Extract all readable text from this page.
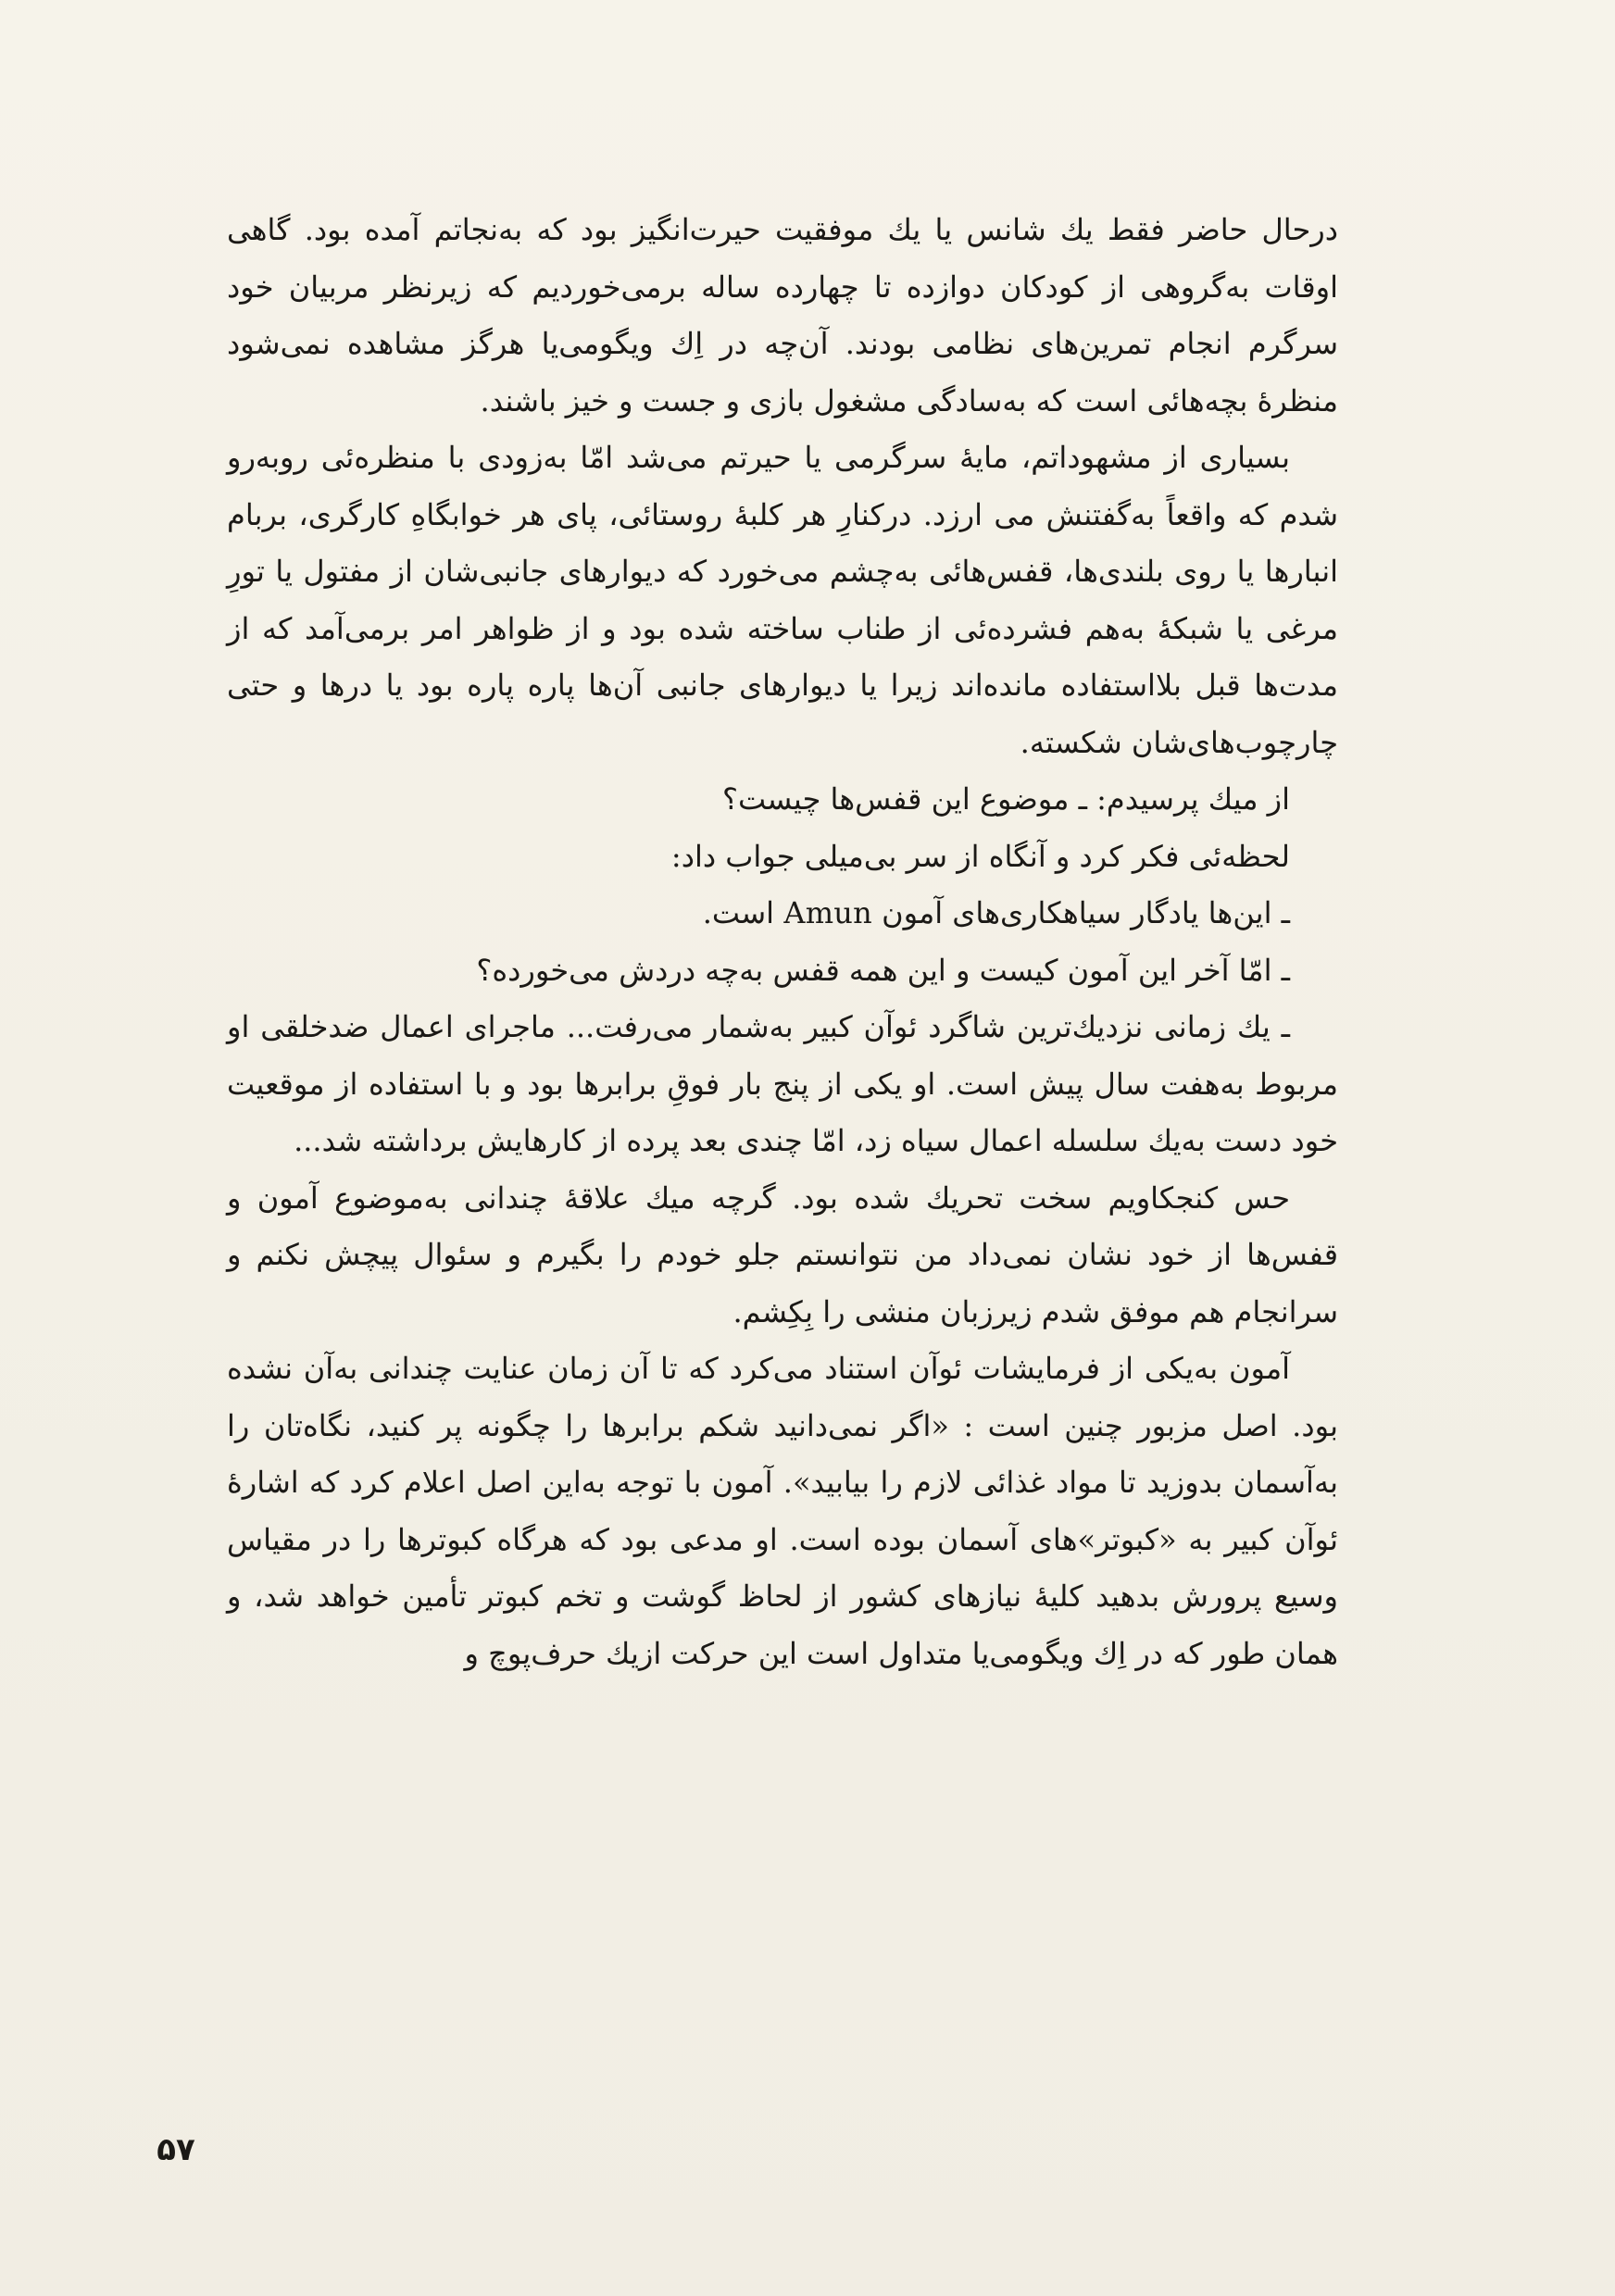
درحال حاضر فقط يك شانس يا يك موفقيت حيرت‌انگيز بود كه به‌نجاتم آمده بود. گاهى اوقات به‌گروهى از كودكان دوازده تا چهارده ساله برمى‌خورديم كه زيرنظر مربيان خود سرگرم انجام تمرين‌هاى نظامى بودند. آن‌چه در اِك ويگومى‌يا هرگز مشاهده نمى‌شود منظرهٔ بچه‌هائى است كه به‌سادگى مشغول بازى و جست و خيز باشند.

بسيارى از مشهوداتم، مايهٔ سرگرمى يا حيرتم مى‌شد امّا به‌زودى با منظره‌ئى روبه‌رو شدم كه واقعاً به‌گفتنش مى ارزد. دركنارِ هر كلبهٔ روستائى، پاى هر خوابگاهِ كارگرى، بربام انبارها يا روى بلندى‌ها، قفس‌هائى به‌چشم مى‌خورد كه ديوارهاى جانبى‌شان از مفتول يا تورِ مرغى يا شبكهٔ به‌هم فشرده‌ئى از طناب ساخته شده بود و از ظواهر امر برمى‌آمد كه از مدت‌ها قبل بلااستفاده مانده‌اند زيرا يا ديوارهاى جانبى آن‌ها پاره پاره بود يا درها و حتى چارچوب‌هاى‌شان شكسته.

از ميك پرسيدم: ـ موضوع اين قفس‌ها چيست؟

لحظه‌ئى فكر كرد و آنگاه از سر بى‌ميلى جواب داد:

ـ اين‌ها يادگار سياهكارى‌هاى آمون Amun است.

ـ امّا آخر اين آمون كيست و اين همه قفس به‌چه دردش مى‌خورده؟

ـ يك زمانى نزديك‌ترين شاگرد ئوآن كبير به‌شمار مى‌رفت... ماجراى اعمال ضدخلقى او مربوط به‌هفت سال پيش است. او يكى از پنج بار فوقِ برابرها بود و با استفاده از موقعيت خود دست به‌يك سلسله اعمال سياه زد، امّا چندى بعد پرده از كارهايش برداشته شد...

حس كنجكاويم سخت تحريك شده بود. گرچه ميك علاقهٔ چندانى به‌موضوع آمون و قفس‌ها از خود نشان نمى‌داد من نتوانستم جلو خودم را بگيرم و سئوال پيچش نكنم و سرانجام هم موفق شدم زيرزبان منشى را بِكِشم.

آمون به‌يكى از فرمايشات ئوآن استناد مى‌كرد كه تا آن زمان عنايت چندانى به‌آن نشده بود. اصل مزبور چنين است : «اگر نمى‌دانيد شكم برابرها را چگونه پر كنيد، نگاه‌تان را به‌آسمان بدوزيد تا مواد غذائى لازم را بيابيد». آمون با توجه به‌اين اصل اعلام كرد كه اشارهٔ ئوآن كبير به «كبوتر»هاى آسمان بوده است. او مدعى بود كه هرگاه كبوترها را در مقياس وسيع پرورش بدهيد كليهٔ نيازهاى كشور از لحاظ گوشت و تخم كبوتر تأمين خواهد شد، و همان طور كه در اِك ويگومى‌يا متداول است اين حركت ازيك حرف‌پوچ و

۵۷
